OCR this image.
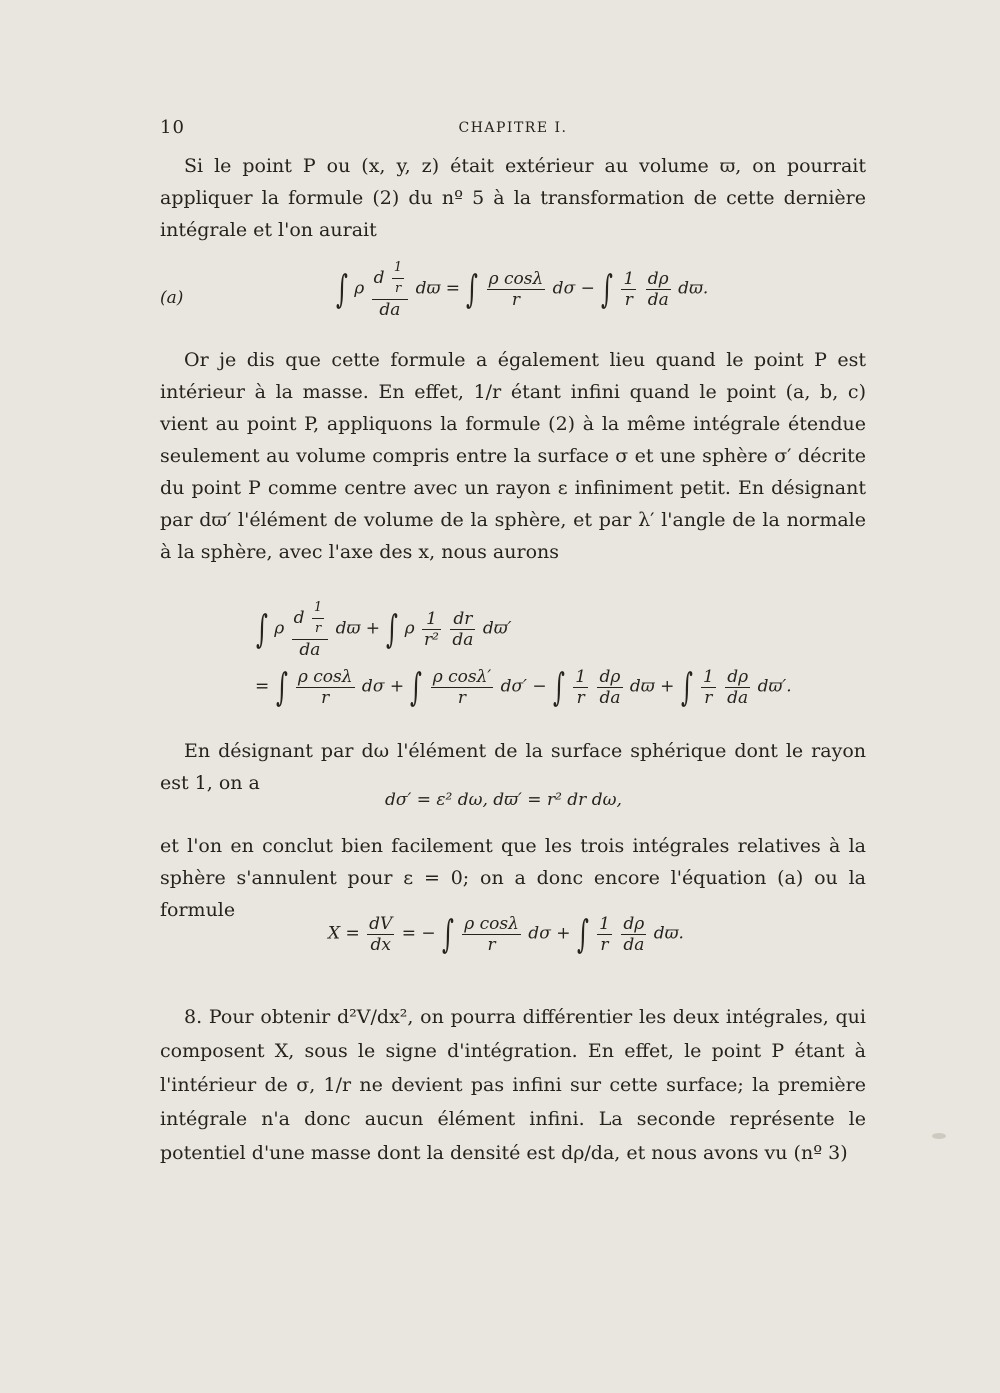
10	CHAPITRE I.

Si le point P ou (x, y, z) était extérieur au volume ϖ, on pourrait appliquer la formule (2) du nº 5 à la transformation de cette dernière intégrale et l'on aurait

(a)	∫ ρ $\frac{d \frac{1}{r}}{da}$ dϖ = ∫ $\frac{\text{ρ cosλ}}{r}$ dσ − ∫ $\frac{1}{r}$
$\frac{d\rho}{da} dϖ$.

Or je dis que cette formule a également lieu quand le point P est intérieur à la masse. En effet, 1/r étant infini quand le point (a, b, c) vient au point P, appliquons la formule (2) à la même intégrale étendue seulement au volume compris entre la surface σ et une sphère σ′ décrite du point P comme centre avec un rayon ε infiniment petit. En désignant par dϖ′ l'élément de volume de la sphère, et par λ′ l'angle de la normale à la sphère, avec l'axe des x, nous aurons

∫ ρ $\frac{d \frac{1}{r}}{da}$ dϖ + ∫ ρ $\frac{1}{\text{r²}}$
$\frac{dr}{da} dϖ'$
= ∫ $\frac{\text{ρ cosλ}}{r}$ dσ + ∫ $\frac{\text{ρ cosλ′}}{r} d\sigma'$ − ∫ $\frac{1}{r}$
$\frac{d\rho}{da}$ dϖ + ∫ $\frac{1}{r}$
$\frac{d\rho}{da} dϖ'$.

En désignant par dω l'élément de la surface sphérique dont le rayon est 1, on a

dσ′ = ε² dω, dϖ′ = r² dr dω,

et l'on en conclut bien facilement que les trois intégrales relatives à la sphère s'annulent pour ε = 0; on a donc encore l'équation (a) ou la formule

$X = \frac{dV}{dx}$ = − ∫ $\frac{\text{ρ cosλ}}{r}$ dσ + ∫ $\frac{1}{r}$
$\frac{d\rho}{da} dϖ$.

8. Pour obtenir d²V/dx², on pourra différentier les deux intégrales, qui composent X, sous le signe d'intégration. En effet, le point P étant à l'intérieur de σ, 1/r ne devient pas infini sur cette surface; la première intégrale n'a donc aucun élément infini. La seconde représente le potentiel d'une masse dont la densité est dρ/da, et nous avons vu (nº 3)
